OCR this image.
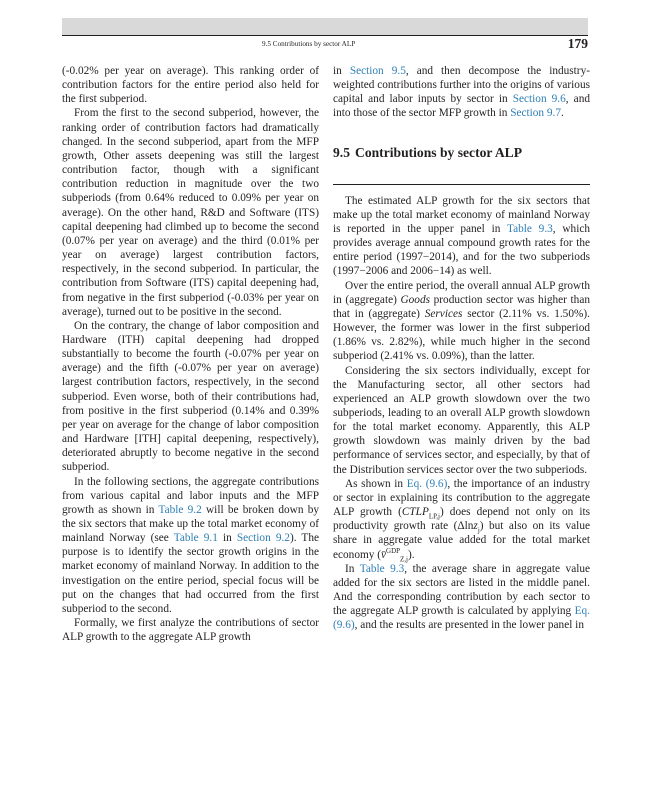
9.5 Contributions by sector ALP	179

(-0.02% per year on average). This ranking order of contribution factors for the entire period also held for the first subperiod.

From the first to the second subperiod, however, the ranking order of contribution factors had dramatically changed. In the second subperiod, apart from the MFP growth, Other assets deepening was still the largest contribution factor, though with a significant contribution reduction in magnitude over the two subperiods (from 0.64% reduced to 0.09% per year on average). On the other hand, R&D and Software (ITS) capital deepening had climbed up to become the second (0.07% per year on average) and the third (0.01% per year on average) largest contribution factors, respectively, in the second subperiod. In particular, the contribution from Software (ITS) capital deepening had, from negative in the first subperiod (-0.03% per year on average), turned out to be positive in the second.

On the contrary, the change of labor composition and Hardware (ITH) capital deepening had dropped substantially to become the fourth (-0.07% per year on average) and the fifth (-0.07% per year on average) largest contribution factors, respectively, in the second subperiod. Even worse, both of their contributions had, from positive in the first subperiod (0.14% and 0.39% per year on average for the change of labor composition and Hardware [ITH] capital deepening, respectively), deteriorated abruptly to become negative in the second subperiod.

In the following sections, the aggregate contributions from various capital and labor inputs and the MFP growth as shown in Table 9.2 will be broken down by the six sectors that make up the total market economy of mainland Norway (see Table 9.1 in Section 9.2). The purpose is to identify the sector growth origins in the market economy of mainland Norway. In addition to the investigation on the entire period, special focus will be put on the changes that had occurred from the first subperiod to the second.

Formally, we first analyze the contributions of sector ALP growth to the aggregate ALP growth

in Section 9.5, and then decompose the industry-weighted contributions further into the origins of various capital and labor inputs by sector in Section 9.6, and into those of the sector MFP growth in Section 9.7.

9.5 Contributions by sector ALP

The estimated ALP growth for the six sectors that make up the total market economy of mainland Norway is reported in the upper panel in Table 9.3, which provides average annual compound growth rates for the entire period (1997−2014), and for the two subperiods (1997−2006 and 2006−14) as well.

Over the entire period, the overall annual ALP growth in (aggregate) Goods production sector was higher than that in (aggregate) Services sector (2.11% vs. 1.50%). However, the former was lower in the first subperiod (1.86% vs. 2.82%), while much higher in the second subperiod (2.41% vs. 0.09%), than the latter.

Considering the six sectors individually, except for the Manufacturing sector, all other sectors had experienced an ALP growth slowdown over the two subperiods, leading to an overall ALP growth slowdown for the total market economy. Apparently, this ALP growth slowdown was mainly driven by the bad performance of services sector, and especially, by that of the Distribution services sector over the two subperiods.

As shown in Eq. (9.6), the importance of an industry or sector in explaining its contribution to the aggregate ALP growth $(CTLP_{LP,j})$ does depend not only on its productivity growth rate (Δlnz$_j$) but also on its value share in aggregate value added for the total market economy (v̄$^{GDP}_{Z,j}$).

In Table 9.3, the average share in aggregate value added for the six sectors are listed in the middle panel. And the corresponding contribution by each sector to the aggregate ALP growth is calculated by applying Eq. (9.6), and the results are presented in the lower panel in
